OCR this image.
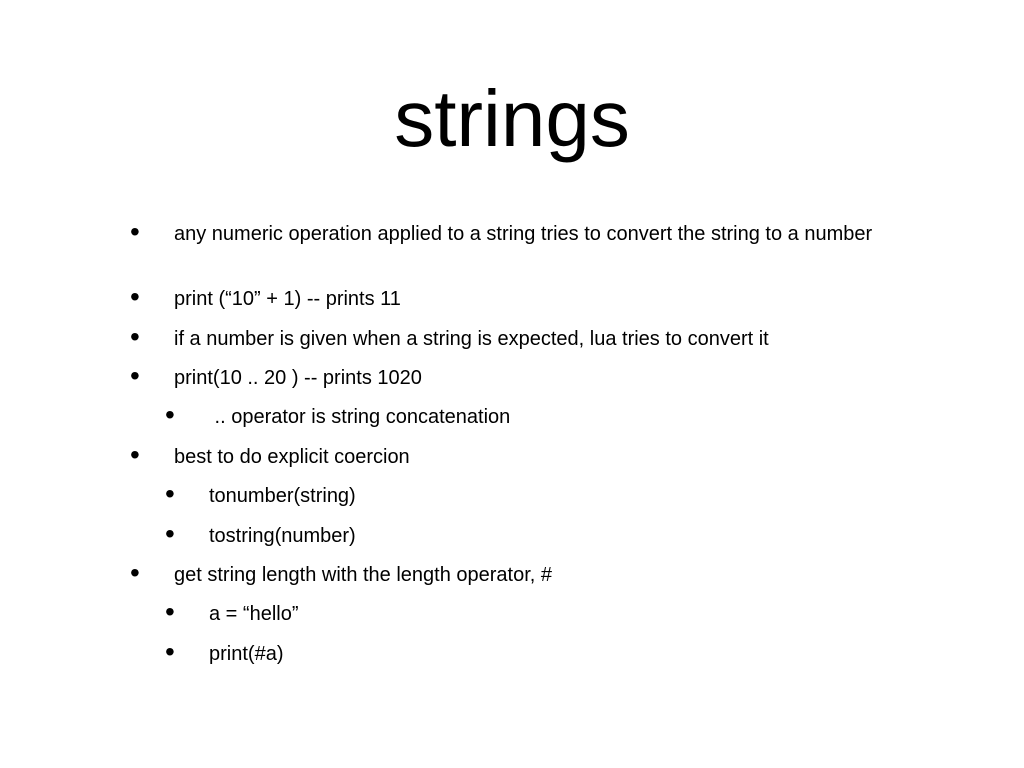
strings
• any numeric operation applied to a string tries to convert the string to a number
• print (“10” + 1) -- prints 11
• if a number is given when a string is expected, lua tries to convert it
• print(10 .. 20 ) -- prints 1020
• .. operator is string concatenation
• best to do explicit coercion
• tonumber(string)
• tostring(number)
• get string length with the length operator, #
• a = “hello”
• print(#a)
